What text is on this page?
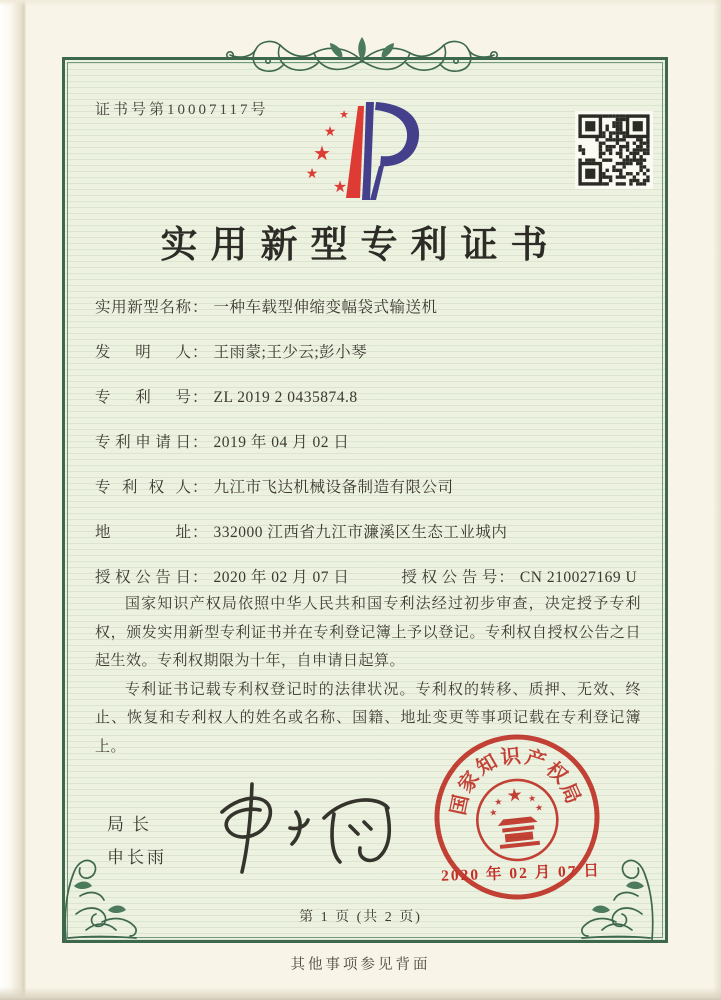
证书号第10007117号	★
★
★
★
★
实用新型专利证书
实用新型名称： 一种车载型伸缩变幅袋式输送机
发明人： 王雨蒙;王少云;彭小琴
专利号： ZL 2019 2 0435874.8
专利申请日： 2019 年 04 月 02 日
专利权人： 九江市飞达机械设备制造有限公司
地址： 332000 江西省九江市濂溪区生态工业城内
授权公告日： 2020 年 02 月 07 日	授权公告号： CN 210027169 U

国家知识产权局依照中华人民共和国专利法经过初步审查，决定授予专利权，颁发实用新型专利证书并在专利登记簿上予以登记。专利权自授权公告之日起生效。专利权期限为十年，自申请日起算。

专利证书记载专利权登记时的法律状况。专利权的转移、质押、无效、终止、恢复和专利权人的姓名或名称、国籍、地址变更等事项记载在专利登记簿上。

局长
申长雨
国
家
知
识 产
权
局
★
★	★
★	★
2020 年 02 月 07 日
第 1 页 (共 2 页)
其他事项参见背面
